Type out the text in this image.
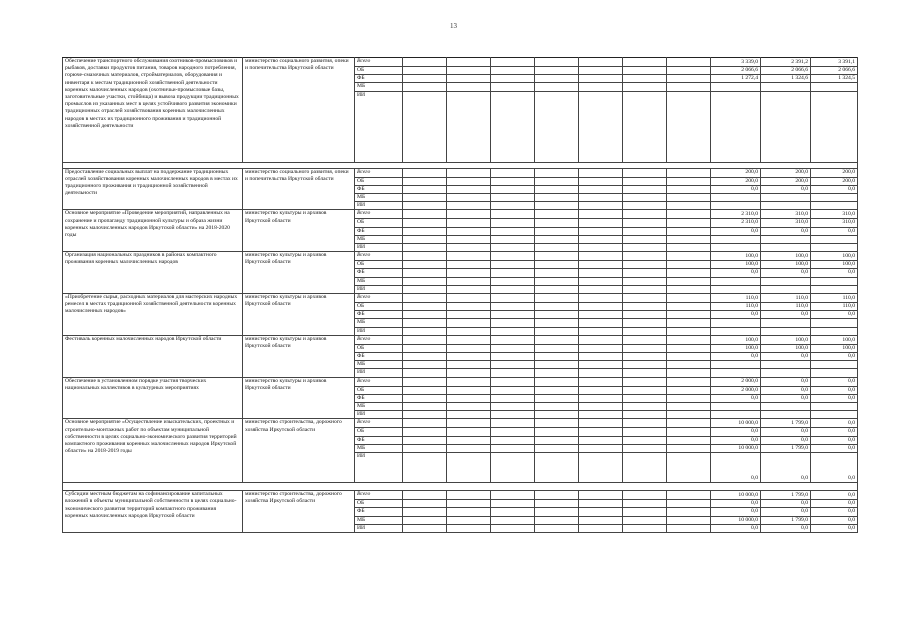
13
Обеспечение транспортного обслуживания охотников-промысловиков и рыбаков, доставки продуктов питания, товаров народного потребления, горюче-смазочных материалов, стройматериалов, оборудования и инвентаря к местам традиционной хозяйственной деятельности коренных малочисленных народов (охотничьи-промысловые базы, заготовительные участки, стойбища) и вывоза продукции традиционных промыслов из указанных мест в целях устойчивого развития экономики традиционных отраслей хозяйствования коренных малочисленных народов в местах их традиционного проживания и традиционной хозяйственной деятельности	министерство социального развития, опеки и попечительства Иркутской области	Всего								3 339,0	2 391,2	3 391,1
		ОБ								2 066,6	2 066,6	2 066,6
		ФБ								1 272,4	1 324,6	1 324,5
		МБ										
		ИИ										

Предоставление социальных выплат на поддержание традиционных отраслей хозяйствования коренных малочисленных народов в местах их традиционного проживания и традиционной хозяйственной деятельности	министерство социального развития, опеки и попечительства Иркутской области	Всего								200,0	200,0	200,0
		ОБ								200,0	200,0	200,0
		ФБ								0,0	0,0	0,0
		МБ										
		ИИ										
Основное мероприятие «Проведение мероприятий, направленных на сохранение и пропаганду традиционной культуры и образа жизни коренных малочисленных народов Иркутской области» на 2018-2020 годы	министерство культуры и архивов Иркутской области	Всего								2 310,0	310,0	310,0
		ОБ								2 310,0	310,0	310,0
		ФБ								0,0	0,0	0,0
		МБ										
		ИИ										
Организация национальных праздников в районах компактного проживания коренных малочисленных народов	министерство культуры и архивов Иркутской области	Всего								100,0	100,0	100,0
		ОБ								100,0	100,0	100,0
		ФБ								0,0	0,0	0,0
		МБ										
		ИИ										
«Приобретение сырья, расходных материалов для мастерских народных ремесел в местах традиционной хозяйственной деятельности коренных малочисленных народов»	министерство культуры и архивов Иркутской области	Всего								110,0	110,0	110,0
		ОБ								110,0	110,0	110,0
		ФБ								0,0	0,0	0,0
		МБ										
		ИИ										
Фестиваль коренных малочисленных народов Иркутской области	министерство культуры и архивов Иркутской области	Всего								100,0	100,0	100,0
		ОБ								100,0	100,0	100,0
		ФБ								0,0	0,0	0,0
		МБ										
		ИИ										
Обеспечение в установленном порядке участия творческих национальных коллективов в культурных мероприятиях	министерство культуры и архивов Иркутской области	Всего								2 000,0	0,0	0,0
		ОБ								2 000,0	0,0	0,0
		ФБ								0,0	0,0	0,0
		МБ										
		ИИ										
Основное мероприятие «Осуществление изыскательских, проектных и строительно-монтажных работ по объектам муниципальной собственности в целях социально-экономического развития территорий компактного проживания коренных малочисленных народов Иркутской области» на 2018-2019 годы	министерство строительства, дорожного хозяйства Иркутской области	Всего								10 000,0	1 799,0	0,0
		ОБ								0,0	0,0	0,0
		ФБ								0,0	0,0	0,0
		МБ								10 000,0	1 799,0	0,0
		ИИ								0,0	0,0	0,0

Субсидии местным бюджетам на софинансирование капитальных вложений в объекты муниципальной собственности в целях социально-экономического развития территорий компактного проживания коренных малочисленных народов Иркутской области	министерство строительства, дорожного хозяйства Иркутской области	Всего								10 000,0	1 799,0	0,0
		ОБ								0,0	0,0	0,0
		ФБ								0,0	0,0	0,0
		МБ								10 000,0	1 799,0	0,0
		ИИ								0,0	0,0	0,0
